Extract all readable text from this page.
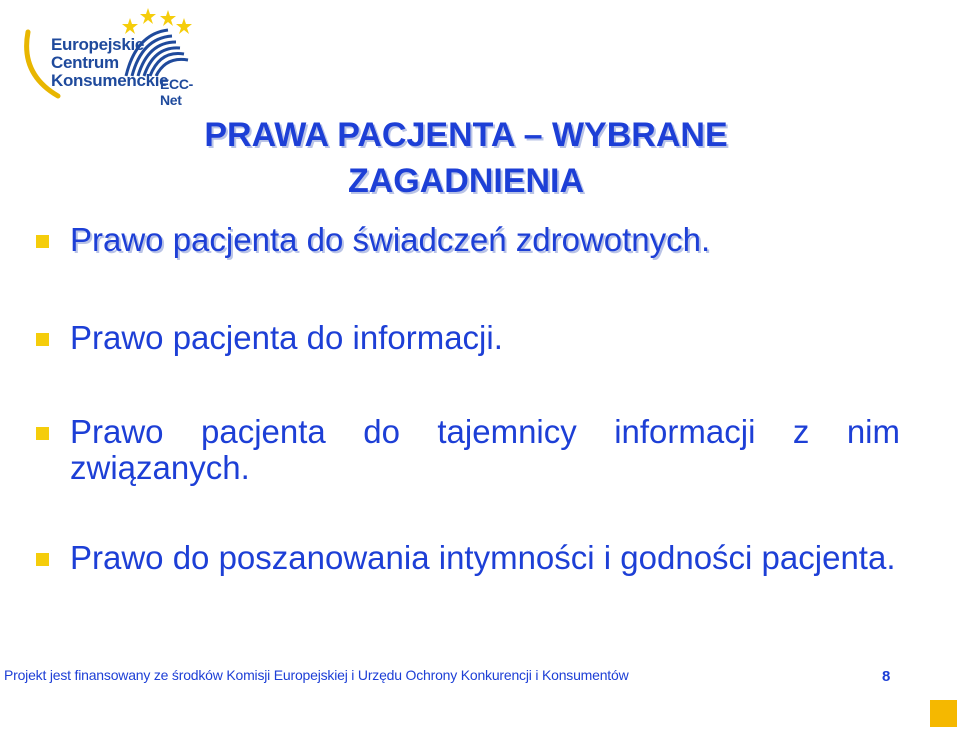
Europejskie
Centrum
Konsumenckie
ECC-Net
PRAWA PACJENTA – WYBRANE
ZAGADNIENIA
Prawo pacjenta do świadczeń zdrowotnych.
Prawo pacjenta do informacji.
Prawo pacjenta do tajemnicy informacji z nim związanych.
Prawo do poszanowania intymności i godności pacjenta.
Projekt jest finansowany ze środków Komisji Europejskiej i Urzędu Ochrony Konkurencji i Konsumentów	8
